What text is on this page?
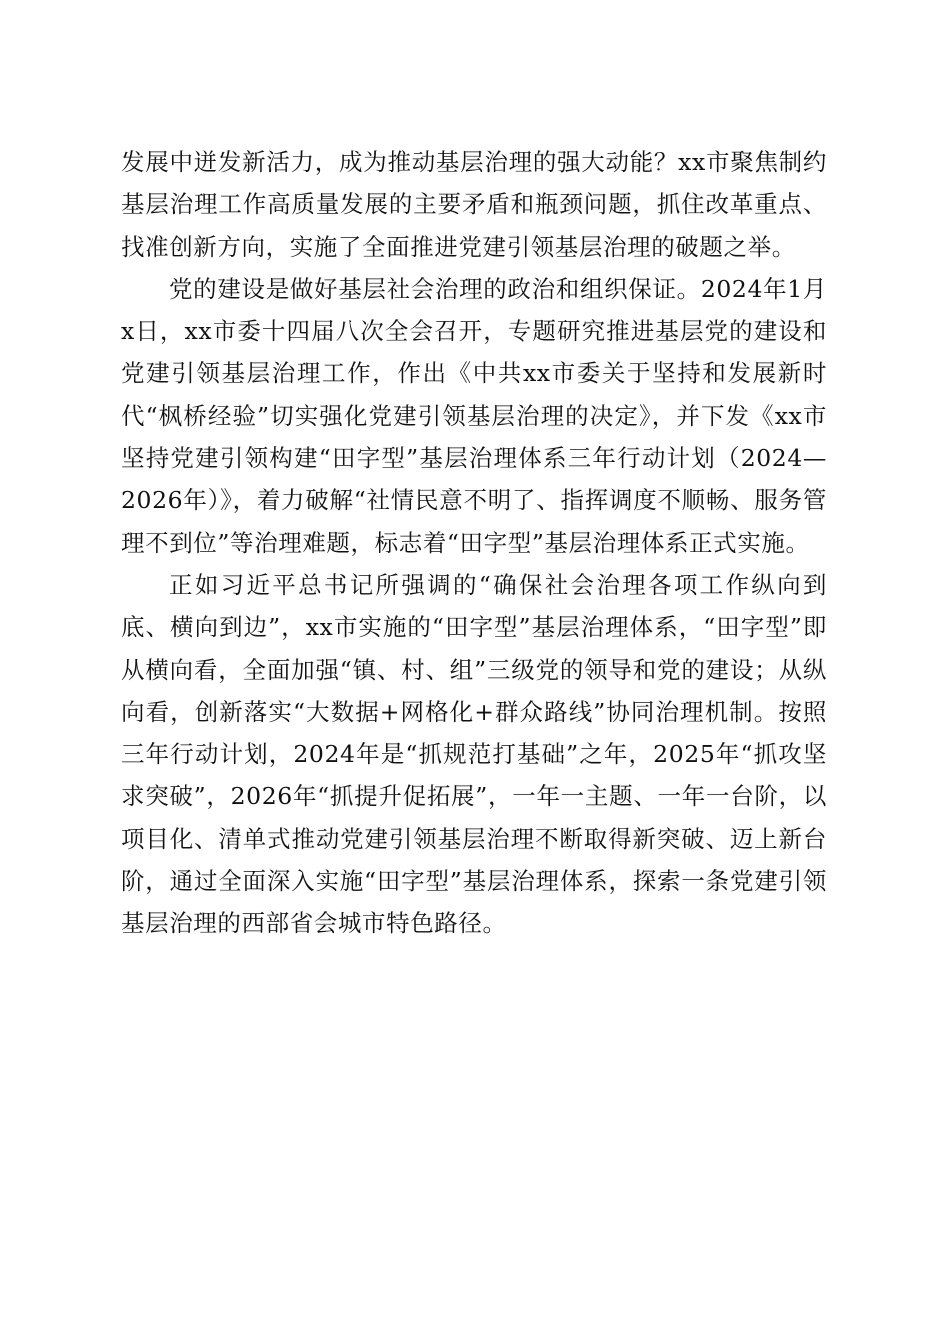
发展中迸发新活力，成为推动基层治理的强大动能？xx市聚焦制约基层治理工作高质量发展的主要矛盾和瓶颈问题，抓住改革重点、找准创新方向，实施了全面推进党建引领基层治理的破题之举。

党的建设是做好基层社会治理的政治和组织保证。2024年1月x日，xx市委十四届八次全会召开，专题研究推进基层党的建设和党建引领基层治理工作，作出《中共xx市委关于坚持和发展新时代“枫桥经验”切实强化党建引领基层治理的决定》，并下发《xx市坚持党建引领构建“田字型”基层治理体系三年行动计划（2024—2026年）》，着力破解“社情民意不明了、指挥调度不顺畅、服务管理不到位”等治理难题，标志着“田字型”基层治理体系正式实施。

正如习近平总书记所强调的“确保社会治理各项工作纵向到底、横向到边”，xx市实施的“田字型”基层治理体系，“田字型”即从横向看，全面加强“镇、村、组”三级党的领导和党的建设；从纵向看，创新落实“大数据+网格化+群众路线”协同治理机制。按照三年行动计划，2024年是“抓规范打基础”之年，2025年“抓攻坚求突破”，2026年“抓提升促拓展”，一年一主题、一年一台阶，以项目化、清单式推动党建引领基层治理不断取得新突破、迈上新台阶，通过全面深入实施“田字型”基层治理体系，探索一条党建引领基层治理的西部省会城市特色路径。
